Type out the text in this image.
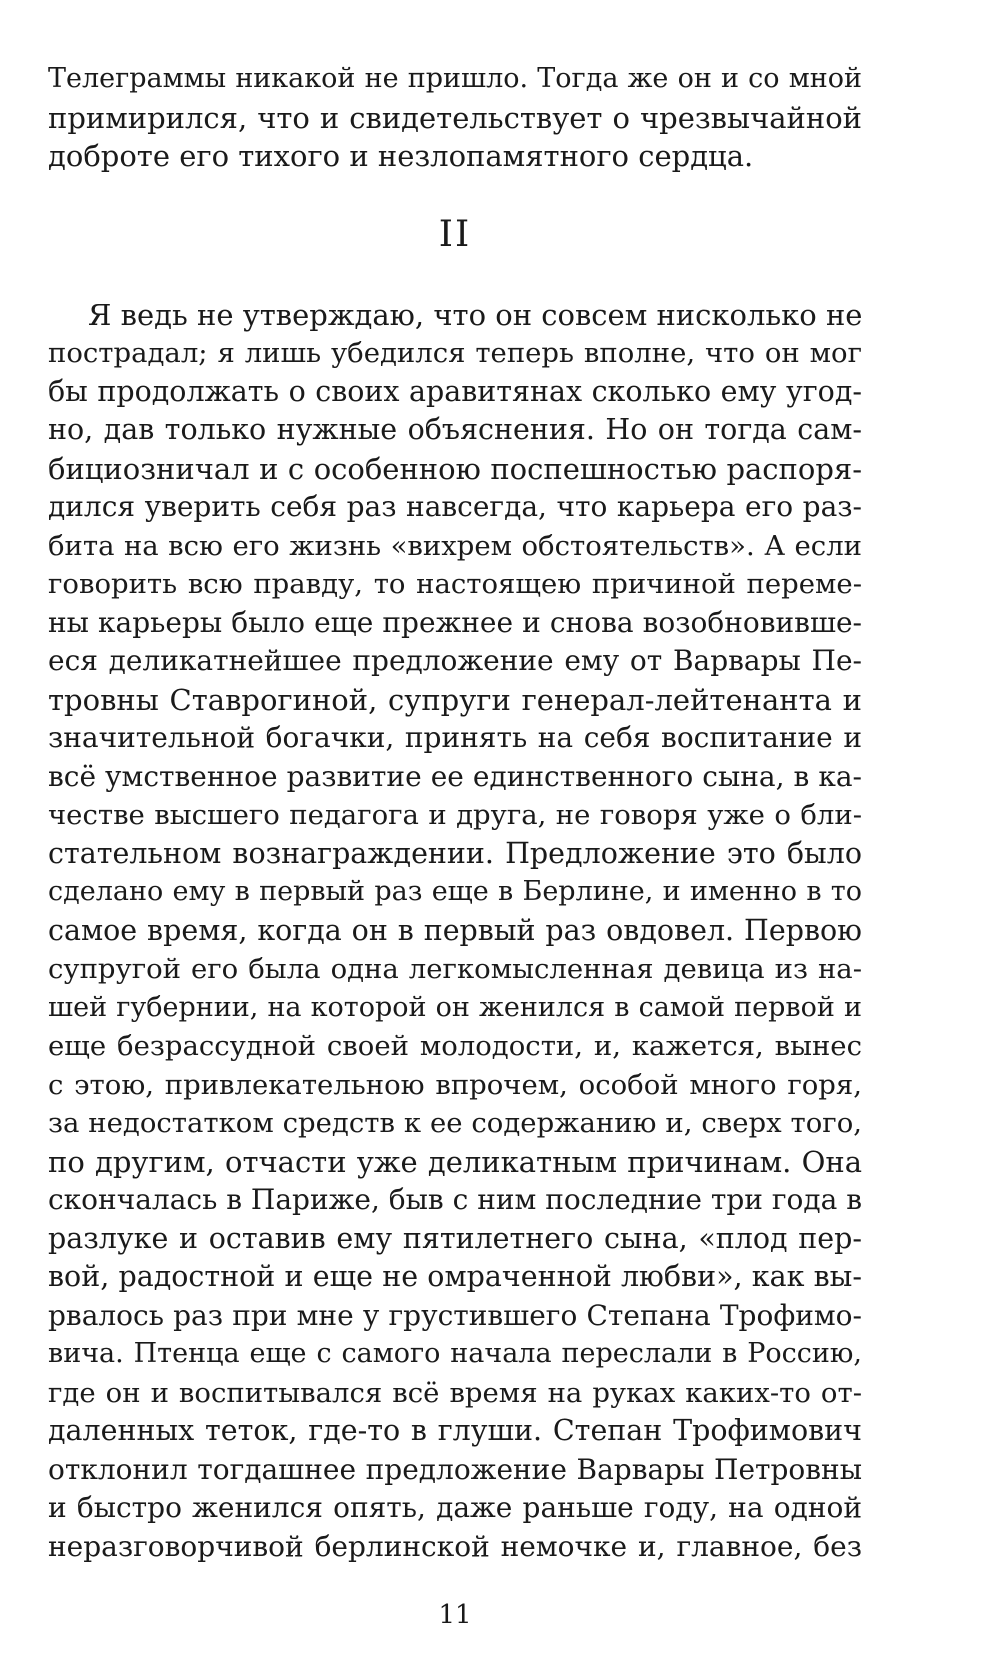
Телеграммы никакой не пришло. Тогда же он и со мной
примирился, что и свидетельствует о чрезвычайной
доброте его тихого и незлопамятного сердца.
II
Я ведь не утверждаю, что он совсем нисколько не
пострадал; я лишь убедился теперь вполне, что он мог
бы продолжать о своих аравитянах сколько ему угод-
но, дав только нужные объяснения. Но он тогда сам-
бициозничал и с особенною поспешностью распоря-
дился уверить себя раз навсегда, что карьера его раз-
бита на всю его жизнь «вихрем обстоятельств». А если
говорить всю правду, то настоящею причиной переме-
ны карьеры было еще прежнее и снова возобновивше-
еся деликатнейшее предложение ему от Варвары Пе-
тровны Ставрогиной, супруги генерал-лейтенанта и
значительной богачки, принять на себя воспитание и
всё умственное развитие ее единственного сына, в ка-
честве высшего педагога и друга, не говоря уже о бли-
стательном вознаграждении. Предложение это было
сделано ему в первый раз еще в Берлине, и именно в то
самое время, когда он в первый раз овдовел. Первою
супругой его была одна легкомысленная девица из на-
шей губернии, на которой он женился в самой первой и
еще безрассудной своей молодости, и, кажется, вынес
с этою, привлекательною впрочем, особой много горя,
за недостатком средств к ее содержанию и, сверх того,
по другим, отчасти уже деликатным причинам. Она
скончалась в Париже, быв с ним последние три года в
разлуке и оставив ему пятилетнего сына, «плод пер-
вой, радостной и еще не омраченной любви», как вы-
рвалось раз при мне у грустившего Степана Трофимо-
вича. Птенца еще с самого начала переслали в Россию,
где он и воспитывался всё время на руках каких-то от-
даленных теток, где-то в глуши. Степан Трофимович
отклонил тогдашнее предложение Варвары Петровны
и быстро женился опять, даже раньше году, на одной
неразговорчивой берлинской немочке и, главное, без
11
